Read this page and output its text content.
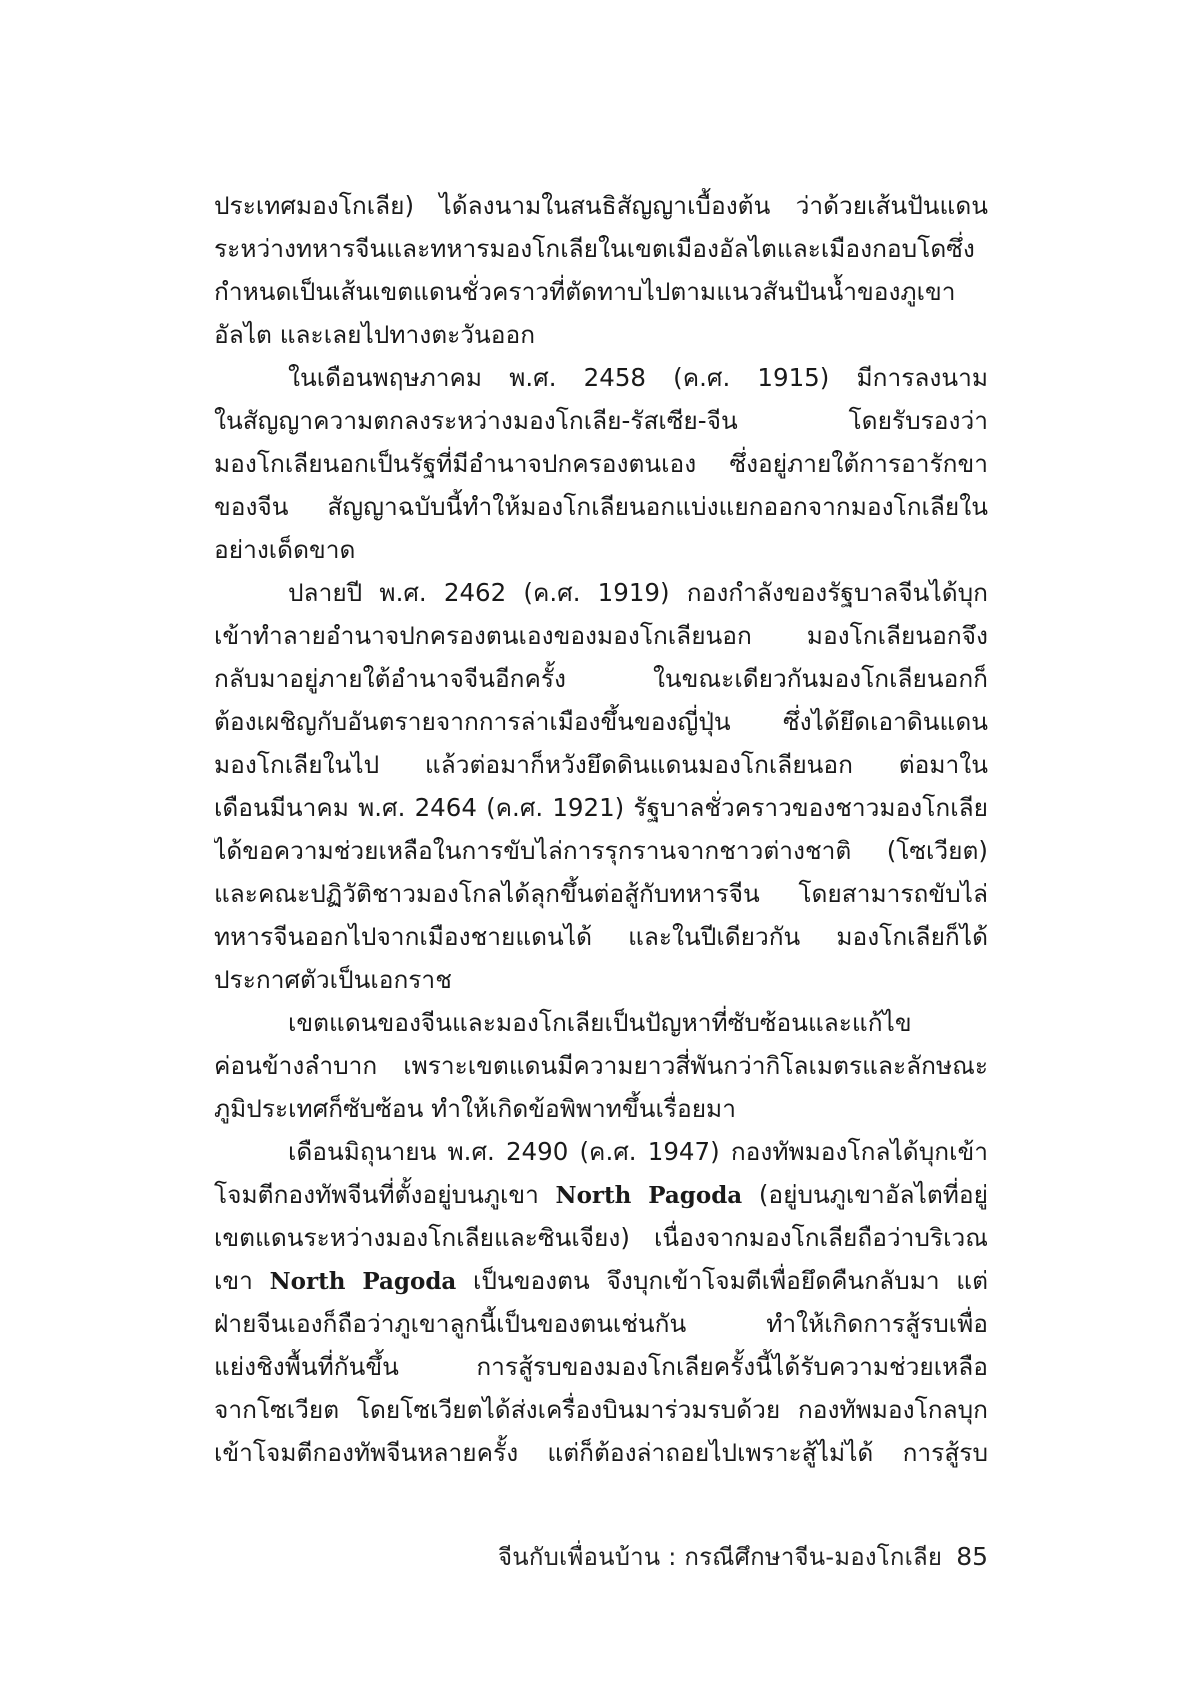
ประเทศมองโกเลีย) ได้ลงนามในสนธิสัญญาเบื้องต้น ว่าด้วยเส้นปันแดน
ระหว่างทหารจีนและทหารมองโกเลียในเขตเมืองอัลไตและเมืองกอบโดซึ่ง
กำหนดเป็นเส้นเขตแดนชั่วคราวที่ตัดทาบไปตามแนวสันปันน้ำของภูเขา
อัลไต และเลยไปทางตะวันออก
ในเดือนพฤษภาคม พ.ศ. 2458 (ค.ศ. 1915) มีการลงนาม
ในสัญญาความตกลงระหว่างมองโกเลีย-รัสเซีย-จีน โดยรับรองว่า
มองโกเลียนอกเป็นรัฐที่มีอำนาจปกครองตนเอง ซึ่งอยู่ภายใต้การอารักขา
ของจีน สัญญาฉบับนี้ทำให้มองโกเลียนอกแบ่งแยกออกจากมองโกเลียใน
อย่างเด็ดขาด
ปลายปี พ.ศ. 2462 (ค.ศ. 1919) กองกำลังของรัฐบาลจีนได้บุก
เข้าทำลายอำนาจปกครองตนเองของมองโกเลียนอก มองโกเลียนอกจึง
กลับมาอยู่ภายใต้อำนาจจีนอีกครั้ง ในขณะเดียวกันมองโกเลียนอกก็
ต้องเผชิญกับอันตรายจากการล่าเมืองขึ้นของญี่ปุ่น ซึ่งได้ยึดเอาดินแดน
มองโกเลียในไป แล้วต่อมาก็หวังยึดดินแดนมองโกเลียนอก ต่อมาใน
เดือนมีนาคม พ.ศ. 2464 (ค.ศ. 1921) รัฐบาลชั่วคราวของชาวมองโกเลีย
ได้ขอความช่วยเหลือในการขับไล่การรุกรานจากชาวต่างชาติ (โซเวียต)
และคณะปฏิวัติชาวมองโกลได้ลุกขึ้นต่อสู้กับทหารจีน โดยสามารถขับไล่
ทหารจีนออกไปจากเมืองชายแดนได้ และในปีเดียวกัน มองโกเลียก็ได้
ประกาศตัวเป็นเอกราช
เขตแดนของจีนและมองโกเลียเป็นปัญหาที่ซับซ้อนและแก้ไข
ค่อนข้างลำบาก เพราะเขตแดนมีความยาวสี่พันกว่ากิโลเมตรและลักษณะ
ภูมิประเทศก็ซับซ้อน ทำให้เกิดข้อพิพาทขึ้นเรื่อยมา
เดือนมิถุนายน พ.ศ. 2490 (ค.ศ. 1947) กองทัพมองโกลได้บุกเข้า
โจมตีกองทัพจีนที่ตั้งอยู่บนภูเขา North Pagoda (อยู่บนภูเขาอัลไตที่อยู่
เขตแดนระหว่างมองโกเลียและซินเจียง) เนื่องจากมองโกเลียถือว่าบริเวณ
เขา North Pagoda เป็นของตน จึงบุกเข้าโจมตีเพื่อยึดคืนกลับมา แต่
ฝ่ายจีนเองก็ถือว่าภูเขาลูกนี้เป็นของตนเช่นกัน ทำให้เกิดการสู้รบเพื่อ
แย่งชิงพื้นที่กันขึ้น การสู้รบของมองโกเลียครั้งนี้ได้รับความช่วยเหลือ
จากโซเวียต โดยโซเวียตได้ส่งเครื่องบินมาร่วมรบด้วย กองทัพมองโกลบุก
เข้าโจมตีกองทัพจีนหลายครั้ง แต่ก็ต้องล่าถอยไปเพราะสู้ไม่ได้ การสู้รบ
จีนกับเพื่อนบ้าน : กรณีศึกษาจีน-มองโกเลีย 85
